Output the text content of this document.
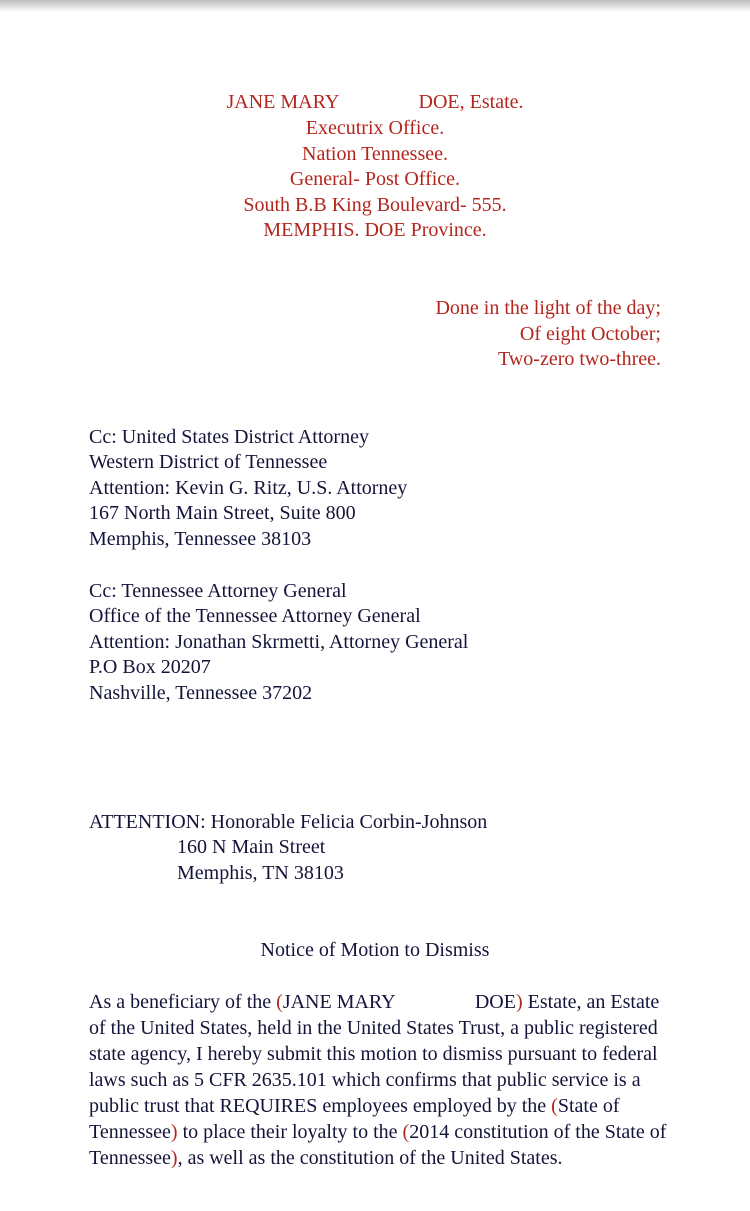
JANE MARY                DOE, Estate.
Executrix Office.
Nation Tennessee.
General- Post Office.
South B.B King Boulevard- 555.
MEMPHIS. DOE Province.
Done in the light of the day;
Of eight October;
Two-zero two-three.
Cc: United States District Attorney
Western District of Tennessee
Attention: Kevin G. Ritz, U.S. Attorney
167 North Main Street, Suite 800
Memphis, Tennessee 38103
Cc: Tennessee Attorney General
Office of the Tennessee Attorney General
Attention: Jonathan Skrmetti, Attorney General
P.O Box 20207
Nashville, Tennessee 37202
ATTENTION: Honorable Felicia Corbin-Johnson
160 N Main Street
Memphis, TN 38103
Notice of Motion to Dismiss
As a beneficiary of the (JANE MARY                DOE) Estate, an Estate of the United States, held in the United States Trust, a public registered state agency, I hereby submit this motion to dismiss pursuant to federal laws such as 5 CFR 2635.101 which confirms that public service is a public trust that REQUIRES employees employed by the (State of Tennessee) to place their loyalty to the (2014 constitution of the State of Tennessee), as well as the constitution of the United States.
